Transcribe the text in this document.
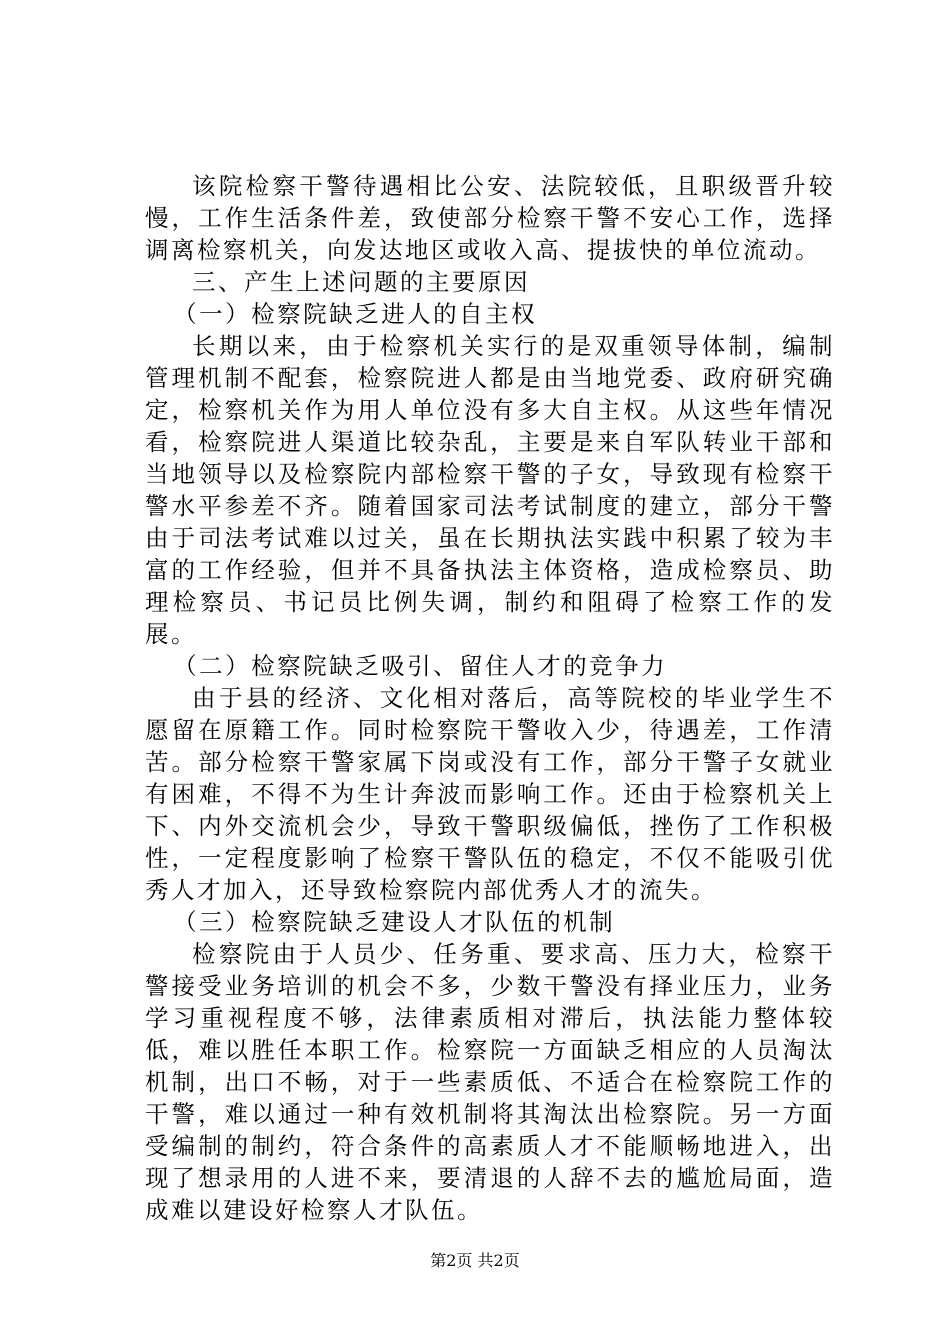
该院检察干警待遇相比公安、法院较低，且职级晋升较慢，工作生活条件差，致使部分检察干警不安心工作，选择调离检察机关，向发达地区或收入高、提拔快的单位流动。

三、产生上述问题的主要原因

（一）检察院缺乏进人的自主权

长期以来，由于检察机关实行的是双重领导体制，编制管理机制不配套，检察院进人都是由当地党委、政府研究确定，检察机关作为用人单位没有多大自主权。从这些年情况看，检察院进人渠道比较杂乱，主要是来自军队转业干部和当地领导以及检察院内部检察干警的子女，导致现有检察干警水平参差不齐。随着国家司法考试制度的建立，部分干警由于司法考试难以过关，虽在长期执法实践中积累了较为丰富的工作经验，但并不具备执法主体资格，造成检察员、助理检察员、书记员比例失调，制约和阻碍了检察工作的发展。

（二）检察院缺乏吸引、留住人才的竞争力

由于县的经济、文化相对落后，高等院校的毕业学生不愿留在原籍工作。同时检察院干警收入少，待遇差，工作清苦。部分检察干警家属下岗或没有工作，部分干警子女就业有困难，不得不为生计奔波而影响工作。还由于检察机关上下、内外交流机会少，导致干警职级偏低，挫伤了工作积极性，一定程度影响了检察干警队伍的稳定，不仅不能吸引优秀人才加入，还导致检察院内部优秀人才的流失。

（三）检察院缺乏建设人才队伍的机制

检察院由于人员少、任务重、要求高、压力大，检察干警接受业务培训的机会不多，少数干警没有择业压力，业务学习重视程度不够，法律素质相对滞后，执法能力整体较低，难以胜任本职工作。检察院一方面缺乏相应的人员淘汰机制，出口不畅，对于一些素质低、不适合在检察院工作的干警，难以通过一种有效机制将其淘汰出检察院。另一方面受编制的制约，符合条件的高素质人才不能顺畅地进入，出现了想录用的人进不来，要清退的人辞不去的尴尬局面，造成难以建设好检察人才队伍。

第2页 共2页
